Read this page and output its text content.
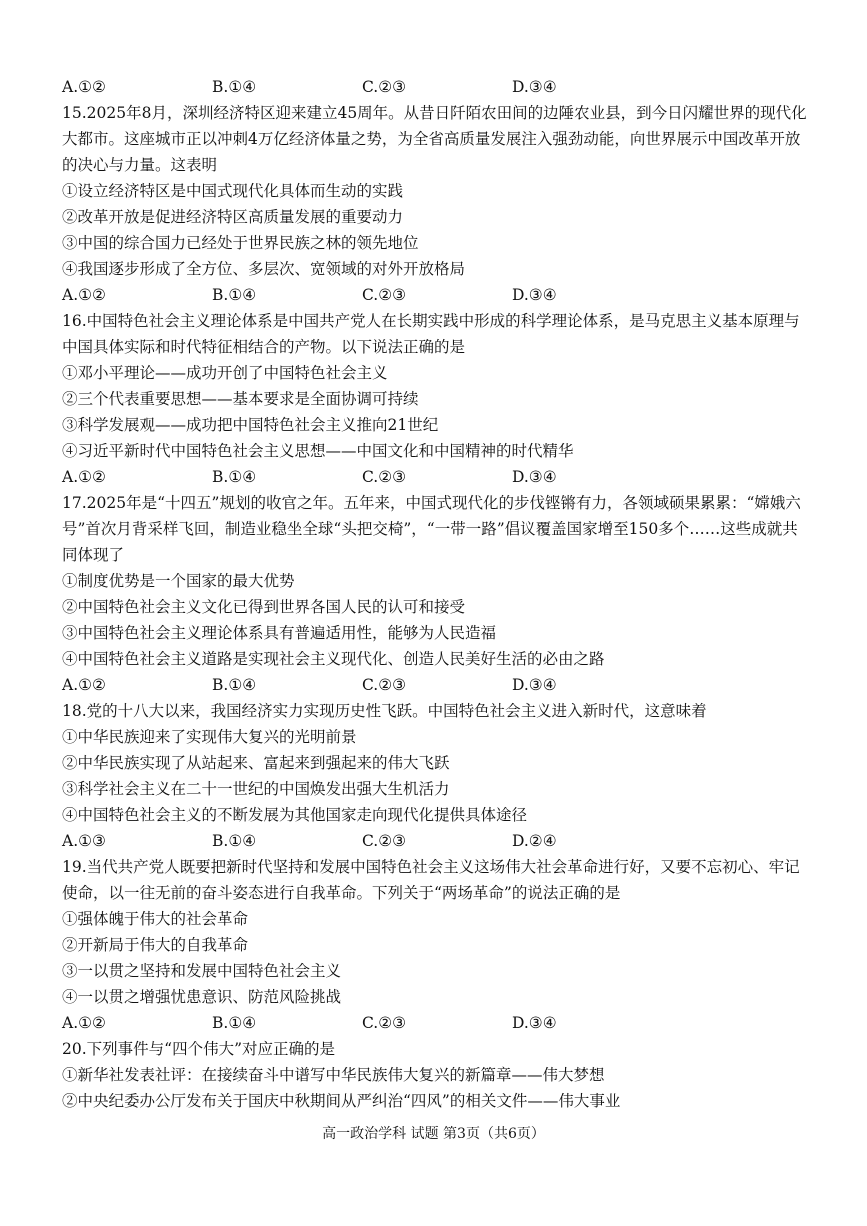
A.①②	B.①④	C.②③	D.③④
15.2025年8月，深圳经济特区迎来建立45周年。从昔日阡陌农田间的边陲农业县，到今日闪耀世界的现代化大都市。这座城市正以冲刺4万亿经济体量之势，为全省高质量发展注入强劲动能，向世界展示中国改革开放的决心与力量。这表明
①设立经济特区是中国式现代化具体而生动的实践
②改革开放是促进经济特区高质量发展的重要动力
③中国的综合国力已经处于世界民族之林的领先地位
④我国逐步形成了全方位、多层次、宽领域的对外开放格局
A.①②	B.①④	C.②③	D.③④
16.中国特色社会主义理论体系是中国共产党人在长期实践中形成的科学理论体系，是马克思主义基本原理与中国具体实际和时代特征相结合的产物。以下说法正确的是
①邓小平理论——成功开创了中国特色社会主义
②三个代表重要思想——基本要求是全面协调可持续
③科学发展观——成功把中国特色社会主义推向21世纪
④习近平新时代中国特色社会主义思想——中国文化和中国精神的时代精华
A.①②	B.①④	C.②③	D.③④
17.2025年是“十四五”规划的收官之年。五年来，中国式现代化的步伐铿锵有力，各领域硕果累累：“嫦娥六号”首次月背采样飞回，制造业稳坐全球“头把交椅”，“一带一路”倡议覆盖国家增至150多个……这些成就共同体现了
①制度优势是一个国家的最大优势
②中国特色社会主义文化已得到世界各国人民的认可和接受
③中国特色社会主义理论体系具有普遍适用性，能够为人民造福
④中国特色社会主义道路是实现社会主义现代化、创造人民美好生活的必由之路
A.①②	B.①④	C.②③	D.③④
18.党的十八大以来，我国经济实力实现历史性飞跃。中国特色社会主义进入新时代，这意味着
①中华民族迎来了实现伟大复兴的光明前景
②中华民族实现了从站起来、富起来到强起来的伟大飞跃
③科学社会主义在二十一世纪的中国焕发出强大生机活力
④中国特色社会主义的不断发展为其他国家走向现代化提供具体途径
A.①③	B.①④	C.②③	D.②④
19.当代共产党人既要把新时代坚持和发展中国特色社会主义这场伟大社会革命进行好，又要不忘初心、牢记使命，以一往无前的奋斗姿态进行自我革命。下列关于“两场革命”的说法正确的是
①强体魄于伟大的社会革命
②开新局于伟大的自我革命
③一以贯之坚持和发展中国特色社会主义
④一以贯之增强忧患意识、防范风险挑战
A.①②	B.①④	C.②③	D.③④
20.下列事件与“四个伟大”对应正确的是
①新华社发表社评：在接续奋斗中谱写中华民族伟大复兴的新篇章——伟大梦想
②中央纪委办公厅发布关于国庆中秋期间从严纠治“四风”的相关文件——伟大事业
高一政治学科 试题 第3页（共6页）
